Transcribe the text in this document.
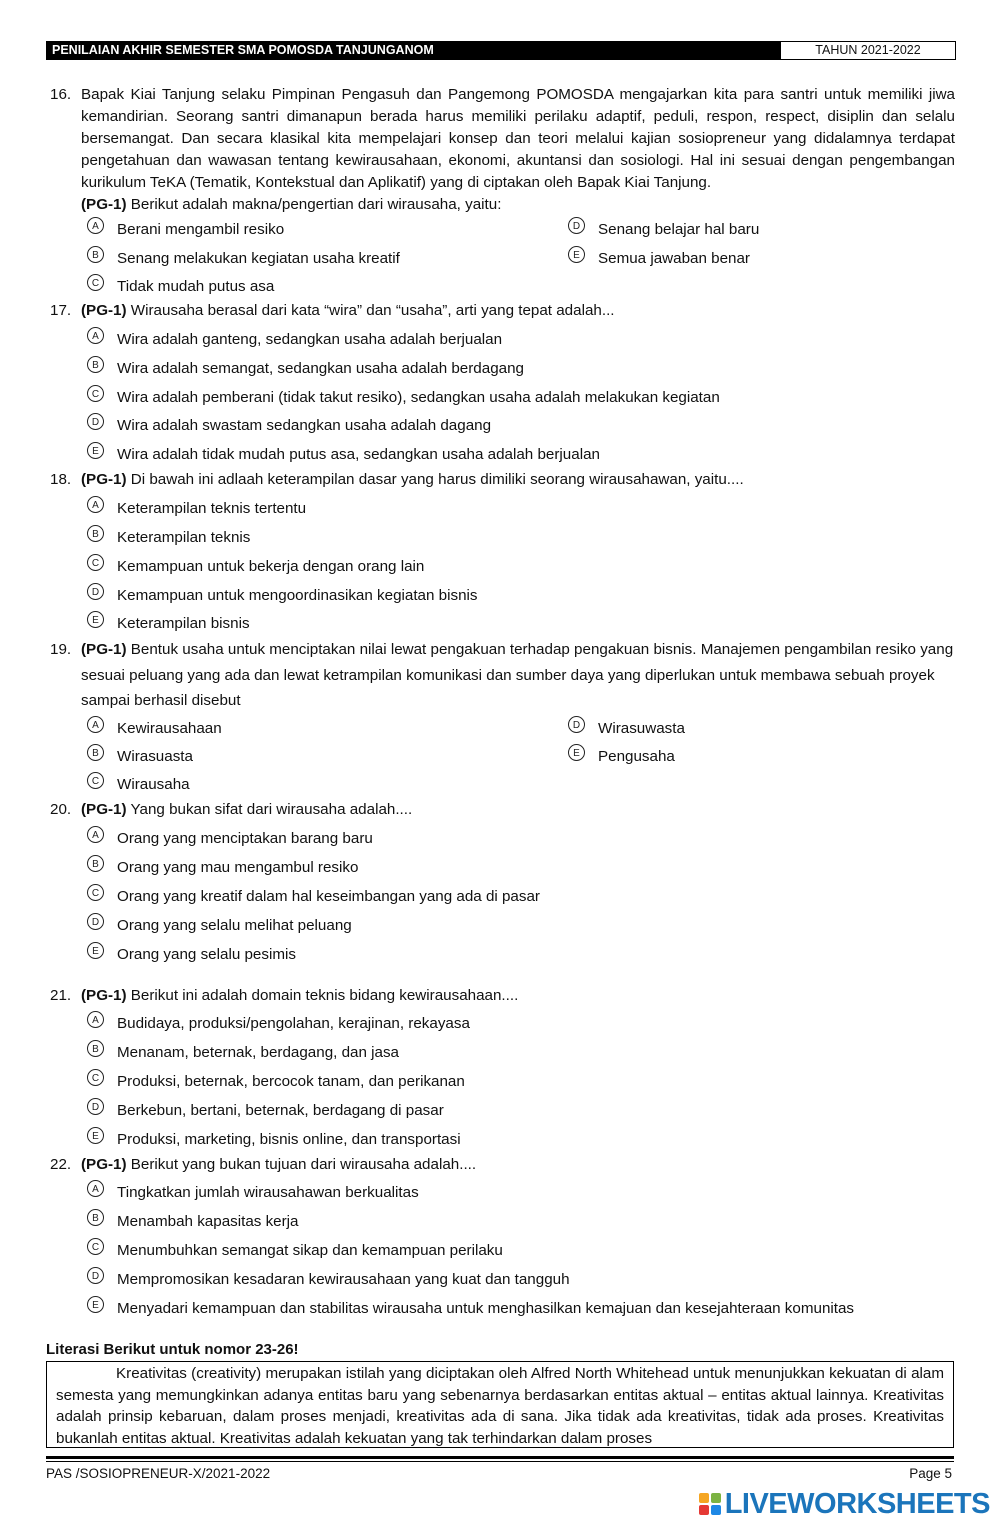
PENILAIAN AKHIR SEMESTER SMA POMOSDA TANJUNGANOM	TAHUN 2021-2022
16. Bapak Kiai Tanjung selaku Pimpinan Pengasuh dan Pangemong POMOSDA mengajarkan kita para santri untuk memiliki jiwa kemandirian. Seorang santri dimanapun berada harus memiliki perilaku adaptif, peduli, respon, respect, disiplin dan selalu bersemangat. Dan secara klasikal kita mempelajari konsep dan teori melalui kajian sosiopreneur yang didalamnya terdapat pengetahuan dan wawasan tentang kewirausahaan, ekonomi, akuntansi dan sosiologi. Hal ini sesuai dengan pengembangan kurikulum TeKA (Tematik, Kontekstual dan Aplikatif) yang di ciptakan oleh Bapak Kiai Tanjung.
(PG-1) Berikut adalah makna/pengertian dari wirausaha, yaitu:
A	Berani mengambil resiko
B	Senang melakukan kegiatan usaha kreatif
C	Tidak mudah putus asa
D	Senang belajar hal baru
E	Semua jawaban benar
17. (PG-1) Wirausaha berasal dari kata “wira” dan “usaha”, arti yang tepat adalah...
A	Wira adalah ganteng, sedangkan usaha adalah berjualan
B	Wira adalah semangat, sedangkan usaha adalah berdagang
C	Wira adalah pemberani (tidak takut resiko), sedangkan usaha adalah melakukan kegiatan
D	Wira adalah swastam sedangkan usaha adalah dagang
E	Wira adalah tidak mudah putus asa, sedangkan usaha adalah berjualan
18. (PG-1) Di bawah ini adlaah keterampilan dasar yang harus dimiliki seorang wirausahawan, yaitu....
A	Keterampilan teknis tertentu
B	Keterampilan teknis
C	Kemampuan untuk bekerja dengan orang lain
D	Kemampuan untuk mengoordinasikan kegiatan bisnis
E	Keterampilan bisnis
19. (PG-1) Bentuk usaha untuk menciptakan nilai lewat pengakuan terhadap pengakuan bisnis. Manajemen pengambilan resiko yang sesuai peluang yang ada dan lewat ketrampilan komunikasi dan sumber daya yang diperlukan untuk membawa sebuah proyek sampai berhasil disebut
A	Kewirausahaan
B	Wirasuasta
C	Wirausaha
D	Wirasuwasta
E	Pengusaha
20. (PG-1) Yang bukan sifat dari wirausaha adalah....
A	Orang yang menciptakan barang baru
B	Orang yang mau mengambul resiko
C	Orang yang kreatif dalam hal keseimbangan yang ada di pasar
D	Orang yang selalu melihat peluang
E	Orang yang selalu pesimis
21. (PG-1) Berikut ini adalah domain teknis bidang kewirausahaan....
A	Budidaya, produksi/pengolahan, kerajinan, rekayasa
B	Menanam, beternak, berdagang, dan jasa
C	Produksi, beternak, bercocok tanam, dan perikanan
D	Berkebun, bertani, beternak, berdagang di pasar
E	Produksi, marketing, bisnis online, dan transportasi
22. (PG-1) Berikut yang bukan tujuan dari wirausaha adalah....
A	Tingkatkan jumlah wirausahawan berkualitas
B	Menambah kapasitas kerja
C	Menumbuhkan semangat sikap dan kemampuan perilaku
D	Mempromosikan kesadaran kewirausahaan yang kuat dan tangguh
E	Menyadari kemampuan dan stabilitas wirausaha untuk menghasilkan kemajuan dan kesejahteraan komunitas
Literasi Berikut untuk nomor 23-26!

Kreativitas (creativity) merupakan istilah yang diciptakan oleh Alfred North Whitehead untuk menunjukkan kekuatan di alam semesta yang memungkinkan adanya entitas baru yang sebenarnya berdasarkan entitas aktual – entitas aktual lainnya. Kreativitas adalah prinsip kebaruan, dalam proses menjadi, kreativitas ada di sana. Jika tidak ada kreativitas, tidak ada proses. Kreativitas bukanlah entitas aktual. Kreativitas adalah kekuatan yang tak terhindarkan dalam proses

PAS /SOSIOPRENEUR-X/2021-2022	Page 5
LIVEWORKSHEETS
